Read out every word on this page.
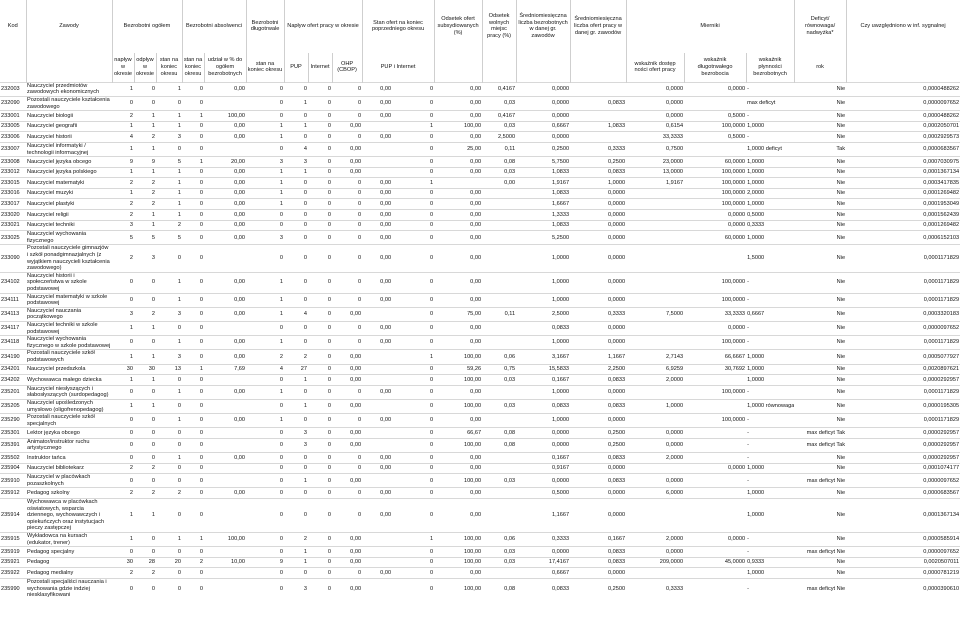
Kod	Zawody	Bezrobotni ogółem			Bezrobotni absolwenci		Bezrobotni długotrwale	Napływ ofert pracy w okresie			Stan ofert na koniec poprzedniego okresu		Odsetek ofert subsydiowanych (%)	Odsetek wolnych miejsc pracy (%)	Średniomiesięczna liczba bezrobotnych w danej gr. zawodów	Średniomiesięczna liczba ofert pracy w danej gr. zawodów	Mierniki			Deficyt/ równowaga/ nadwyżka*	Czy uwzględniono w inf. sygnalnej	
		napływ w okresie	odpływ w okresie	stan na koniec okresu	stan na koniec okresu	udział w % do ogółem bezrobotnych	stan na koniec okresu	PUP	Internet	OHP (CBOP)	PUP i Internet						wskaźnik dostęp ności ofert pracy	wskaźnik długotrwałego bezrobocia	wskaźnik płynności bezrobotnych	rok		
232003	Nauczyciel przedmiotów zawodowych ekonomicznych	1	0	1	0	0,00	0	0	0	0	0,00	0	0,00	0,4167	0,0000		0,0000	0,0000	-	Nie	0,0000488262	
232090	Pozostali nauczyciele kształcenia zawodowego	0	0	0	0		0	1	0	0	0,00	0	0,00	0,03	0,0000	0,0833	0,0000		max deficyt	Nie	0,0000097652	
233001	Nauczyciel biologii	2	1	1	1	100,00	0	0	0	0	0,00	0	0,00	0,4167	0,0000		0,0000	0,5000	-	Nie	0,0000488262	
233005	Nauczyciel geografii	1	1	1	0	0,00	1	1	0	0,00		1	100,00	0,03	0,6667	1,0833	0,6154	100,0000	1,0000	Nie	0,0002050701	
233006	Nauczyciel historii	4	2	3	0	0,00	1	0	0	0	0,00	0	0,00	2,5000	0,0000		33,3333	0,5000	-	Nie	0,0002929573	
233007	Nauczyciel informatyki / technologii informacyjnej	1	1	0	0		0	4	0	0,00		0	25,00	0,11	0,2500	0,3333	0,7500		1,0000 deficyt	Tak	0,0000683567	
233008	Nauczyciel języka obcego	9	9	5	1	20,00	3	3	0	0,00		0	0,00	0,08	5,7500	0,2500	23,0000	60,0000	1,0000	Nie	0,0007030975	
233012	Nauczyciel języka polskiego	1	1	1	0	0,00	1	1	0	0,00		0	0,00	0,03	1,0833	0,0833	13,0000	100,0000	1,0000	Nie	0,0001367134	
233015	Nauczyciel matematyki	2	2	1	0	0,00	1	0	0	0	0,00	1		0,00	1,9167	1,0000	1,9167	100,0000	1,0000	Nie	0,0003417835	
233016	Nauczyciel muzyki	1	2	1	0	0,00	1	0	0	0	0,00	0	0,00		1,0833	0,0000		100,0000	2,0000	Nie	0,0001269482	
233017	Nauczyciel plastyki	2	2	1	0	0,00	1	0	0	0	0,00	0	0,00		1,6667	0,0000		100,0000	1,0000	Nie	0,0001953049	
233020	Nauczyciel religii	2	1	1	0	0,00	0	0	0	0	0,00	0	0,00		1,3333	0,0000		0,0000	0,5000	Nie	0,0001562439	
233021	Nauczyciel techniki	3	1	2	0	0,00	0	0	0	0	0,00	0	0,00		1,0833	0,0000		0,0000	0,3333	Nie	0,0001269482	
233025	Nauczyciel wychowania fizycznego	5	5	5	0	0,00	3	0	0	0	0,00	0	0,00		5,2500	0,0000		60,0000	1,0000	Nie	0,0006152103	
233090	Pozostali nauczyciele gimnazjów i szkół ponadgimnazjalnych (z wyjątkiem nauczycieli kształcenia zawodowego)	2	3	0	0		0	0	0	0	0,00	0	0,00		1,0000	0,0000			1,5000	Nie	0,0001171829	
234102	Nauczyciel historii i społeczeństwa w szkole podstawowej	0	0	1	0	0,00	1	0	0	0	0,00	0	0,00		1,0000	0,0000		100,0000	-	Nie	0,0001171829	
234111	Nauczyciel matematyki w szkole podstawowej	0	0	1	0	0,00	1	0	0	0	0,00	0	0,00		1,0000	0,0000		100,0000	-	Nie	0,0001171829	
234113	Nauczyciel nauczania początkowego	3	2	3	0	0,00	1	4	0	0,00		0	75,00	0,11	2,5000	0,3333	7,5000	33,3333	0,6667	Nie	0,0003320183	
234117	Nauczyciel techniki w szkole podstawowej	1	1	0	0		0	0	0	0	0,00	0	0,00		0,0833	0,0000		0,0000	-	Nie	0,0000097652	
234118	Nauczyciel wychowania fizycznego w szkole podstawowej	0	0	1	0	0,00	1	0	0	0	0,00	0	0,00		1,0000	0,0000		100,0000	-	Nie	0,0001171829	
234190	Pozostali nauczyciele szkół podstawowych	1	1	3	0	0,00	2	2	0	0,00		1	100,00	0,06	3,1667	1,1667	2,7143	66,6667	1,0000	Nie	0,0005077927	
234201	Nauczyciel przedszkola	30	30	13	1	7,69	4	27	0	0,00		0	59,26	0,75	15,5833	2,2500	6,9259	30,7692	1,0000	Nie	0,0020897621	
234202	Wychowawca małego dziecka	1	1	0	0		0	1	0	0,00		0	100,00	0,03	0,1667	0,0833	2,0000		1,0000	Nie	0,0000292957	
235201	Nauczyciel niesłyszących i słabosłyszących (surdopedagog)	0	0	1	0	0,00	1	0	0	0	0,00	0	0,00		1,0000	0,0000		100,0000	-	Nie	0,0001171829	
235205	Nauczyciel upośledzonych umysłowo (oligofrenopedagog)	1	1	0	0		0	1	0	0,00		0	100,00	0,03	0,0833	0,0833	1,0000		1,0000 równowaga	Nie	0,0000195305	
235290	Pozostali nauczyciele szkół specjalnych	0	0	1	0	0,00	1	0	0	0	0,00	0	0,00		1,0000	0,0000		100,0000	-	Nie	0,0001171829	
235301	Lektor języka obcego	0	0	0	0		0	3	0	0,00		0	66,67	0,08	0,0000	0,2500	0,0000		-	max deficyt Tak	0,0000292957	
235391	Animator/instruktor ruchu artystycznego	0	0	0	0		0	3	0	0,00		0	100,00	0,08	0,0000	0,2500	0,0000		-	max deficyt Tak	0,0000292957	
235502	Instruktor tańca	0	0	1	0	0,00	0	0	0	0	0,00	0	0,00		0,1667	0,0833	2,0000		-	Nie	0,0000292957	
235904	Nauczyciel bibliotekarz	2	2	0	0		0	0	0	0	0,00	0	0,00		0,9167	0,0000		0,0000	1,0000	Nie	0,0001074177	
235910	Nauczyciel w placówkach pozaszkolnych	0	0	0	0		0	1	0	0,00		0	100,00	0,03	0,0000	0,0833	0,0000		-	max deficyt Nie	0,0000097652	
235912	Pedagog szkolny	2	2	2	0	0,00	0	0	0	0	0,00	0	0,00		0,5000	0,0000	6,0000		1,0000	Nie	0,0000683567	
235914	Wychowawca w placówkach oświatowych, wsparcia dziennego, wychowawczych i opiekuńczych oraz instytucjach pieczy zastępczej	1	1	0	0		0	0	0	0	0,00	0	0,00		1,1667	0,0000			1,0000	Nie	0,0001367134	
235915	Wykładowca na kursach (edukator, trener)	1	0	1	1	100,00	0	2	0	0,00		1	100,00	0,06	0,3333	0,1667	2,0000	0,0000	-	Nie	0,0000585914	
235919	Pedagog specjalny	0	0	0	0		0	1	0	0,00		0	100,00	0,03	0,0000	0,0833	0,0000		-	max deficyt Nie	0,0000097652	
235921	Pedagog	30	28	20	2	10,00	9	1	0	0,00		0	100,00	0,03	17,4167	0,0833	209,0000	45,0000	0,9333	Nie	0,0020507011	
235922	Pedagog medialny	2	2	0	0		0	0	0	0	0,00	0	0,00		0,6667	0,0000			1,0000	Nie	0,0000781219	
235990	Pozostali specjaliści nauczania i wychowania gdzie indziej niesklasyfikowani	0	0	0	0		0	3	0	0,00		0	100,00	0,08	0,0833	0,2500	0,3333		-	max deficyt Nie	0,0000390610	
